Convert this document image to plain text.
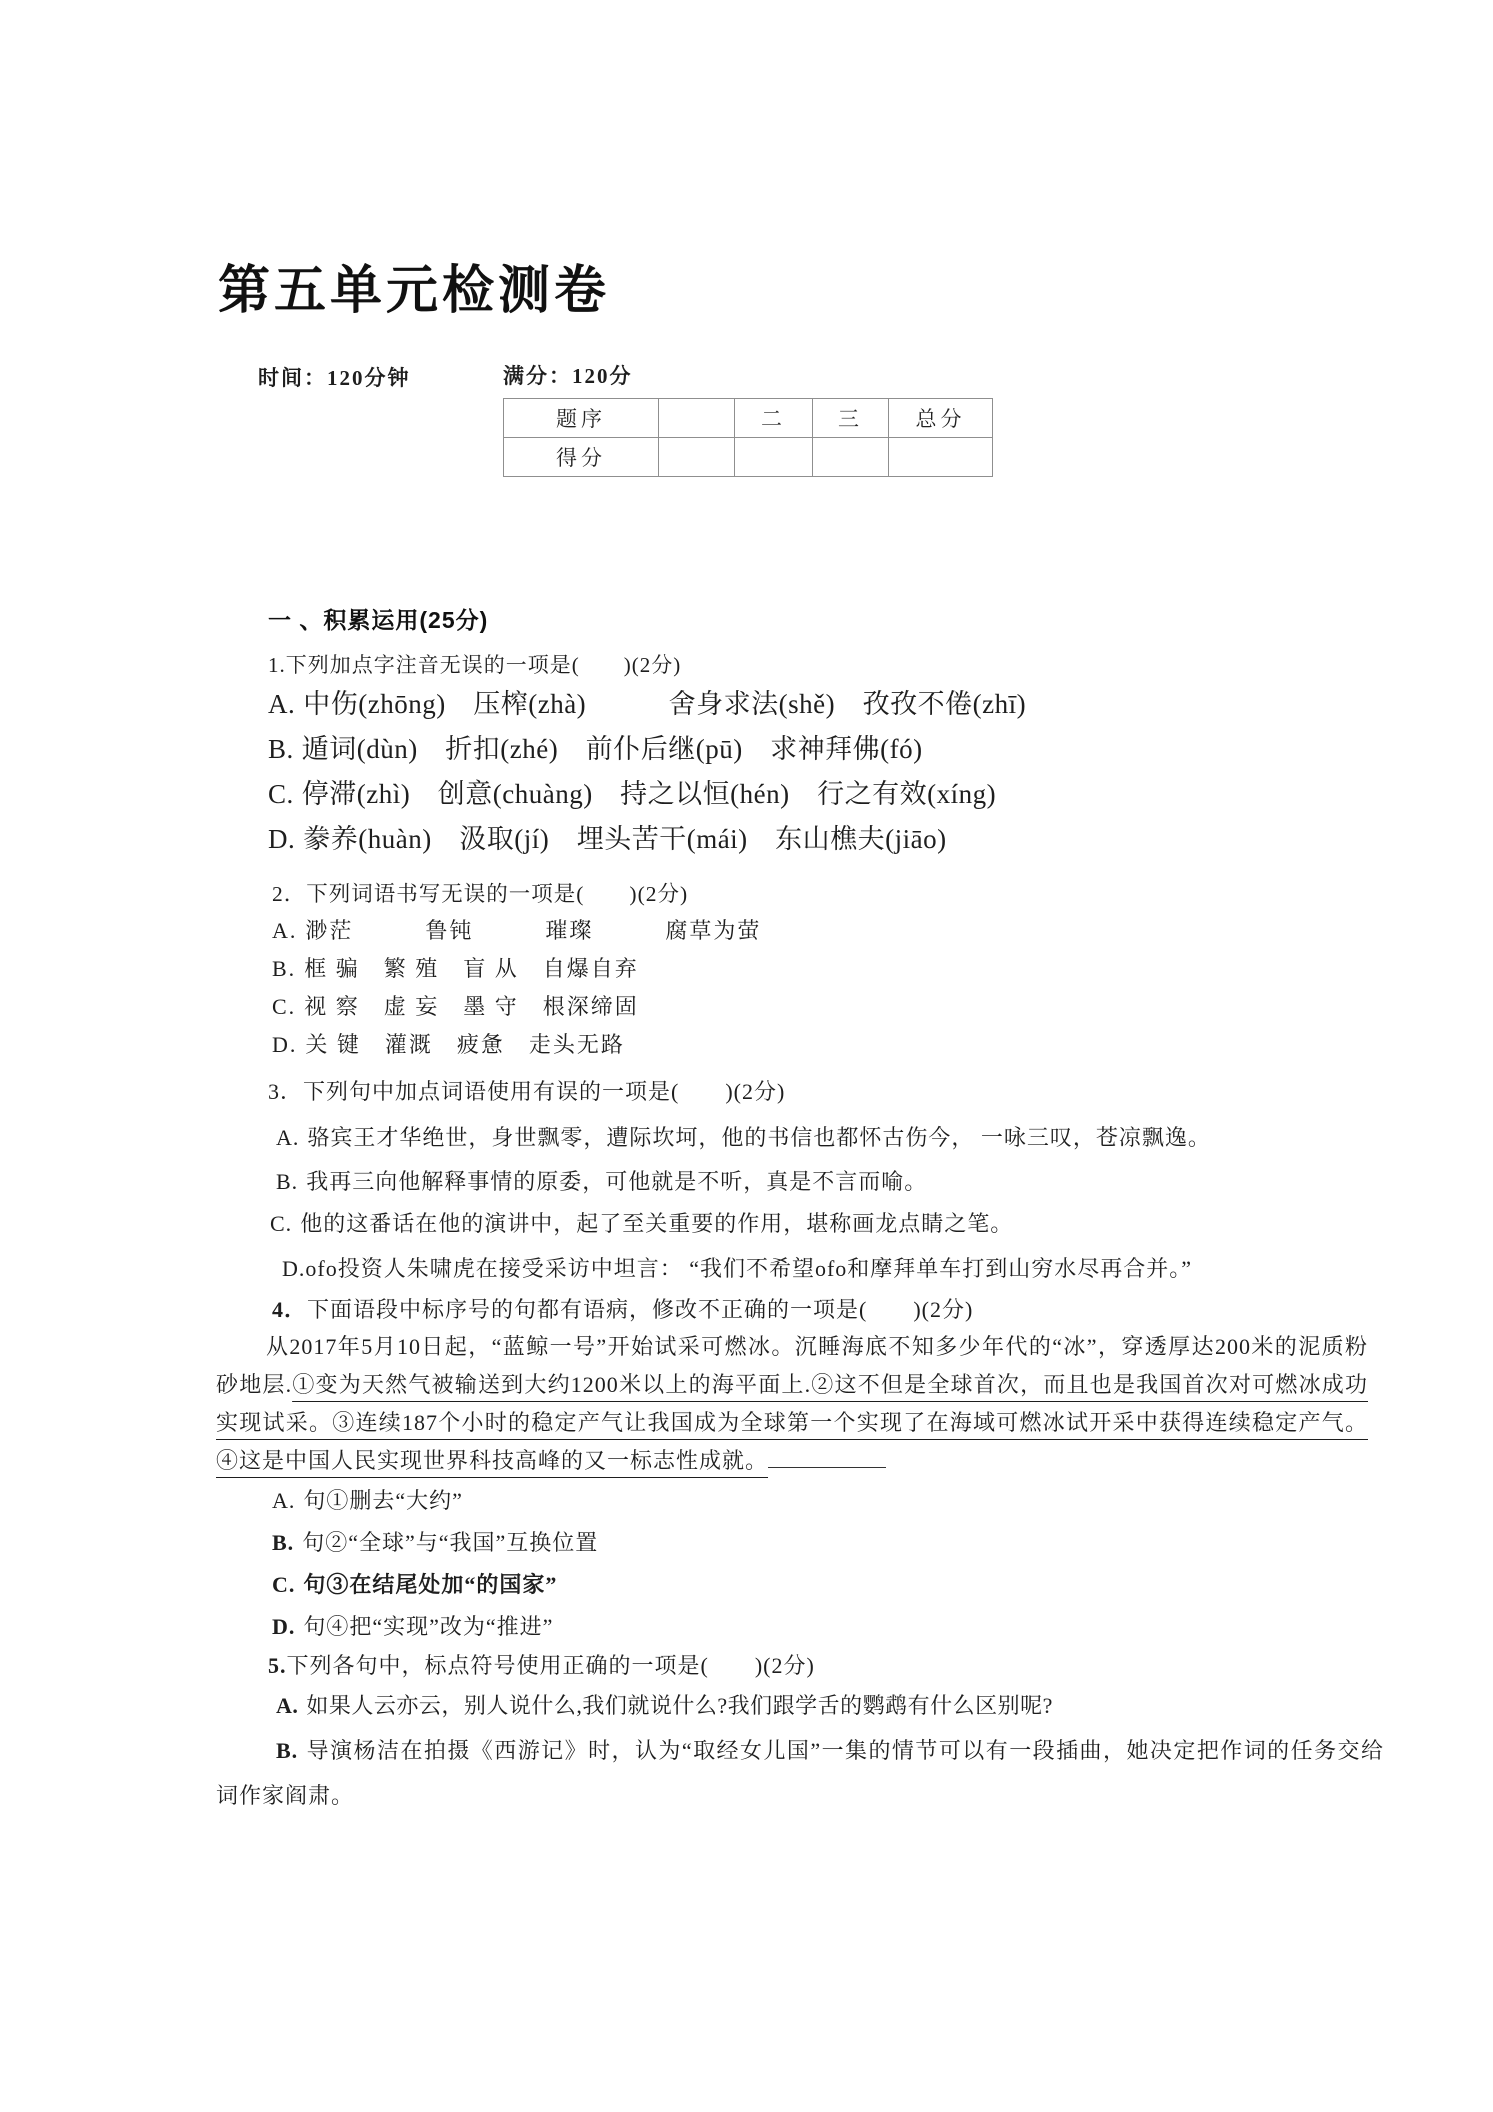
第五单元检测卷
时间：120分钟	满分：120分
题序		二	三	总分
得分				
一 、积累运用(25分)
1.下列加点字注音无误的一项是(　　)(2分)
A. 中伤(zhōng)　压榨(zhà)　　　舍身求法(shě)　孜孜不倦(zhī)
B. 遁词(dùn)　折扣(zhé)　前仆后继(pū)　求神拜佛(fó)
C. 停滞(zhì)　创意(chuàng)　持之以恒(hén)　行之有效(xíng)
D. 豢养(huàn)　汲取(jí)　埋头苦干(mái)　东山樵夫(jiāo)
2．下列词语书写无误的一项是(　　)(2分)
A. 渺茫　　　鲁钝　　　璀璨　　　腐草为萤
B. 框 骗　繁 殖　盲 从　自爆自弃
C. 视 察　虚 妄　墨 守　根深缔固
D. 关 键　灌溉　疲惫　走头无路
3．下列句中加点词语使用有误的一项是(　　)(2分)
A. 骆宾王才华绝世，身世飘零，遭际坎坷，他的书信也都怀古伤今， 一咏三叹，苍凉飘逸。
B. 我再三向他解释事情的原委，可他就是不听，真是不言而喻。
C. 他的这番话在他的演讲中，起了至关重要的作用，堪称画龙点睛之笔。
D.ofo投资人朱啸虎在接受采访中坦言： “我们不希望ofo和摩拜单车打到山穷水尽再合并。”
4．下面语段中标序号的句都有语病，修改不正确的一项是(　　)(2分)

从2017年5月10日起，“蓝鲸一号”开始试采可燃冰。沉睡海底不知多少年代的“冰”，穿透厚达200米的泥质粉砂地层.①变为天然气被输送到大约1200米以上的海平面上.②这不但是全球首次，而且也是我国首次对可燃冰成功实现试采。③连续187个小时的稳定产气让我国成为全球第一个实现了在海域可燃冰试开采中获得连续稳定产气。④这是中国人民实现世界科技高峰的又一标志性成就。

A. 句①删去“大约”
B. 句②“全球”与“我国”互换位置
C. 句③在结尾处加“的国家”
D. 句④把“实现”改为“推进”
5.下列各句中，标点符号使用正确的一项是(　　)(2分)
A. 如果人云亦云，别人说什么,我们就说什么?我们跟学舌的鹦鹉有什么区别呢?
B. 导演杨洁在拍摄《西游记》时，认为“取经女儿国”一集的情节可以有一段插曲，她决定把作词的任务交给词作家阎肃。
